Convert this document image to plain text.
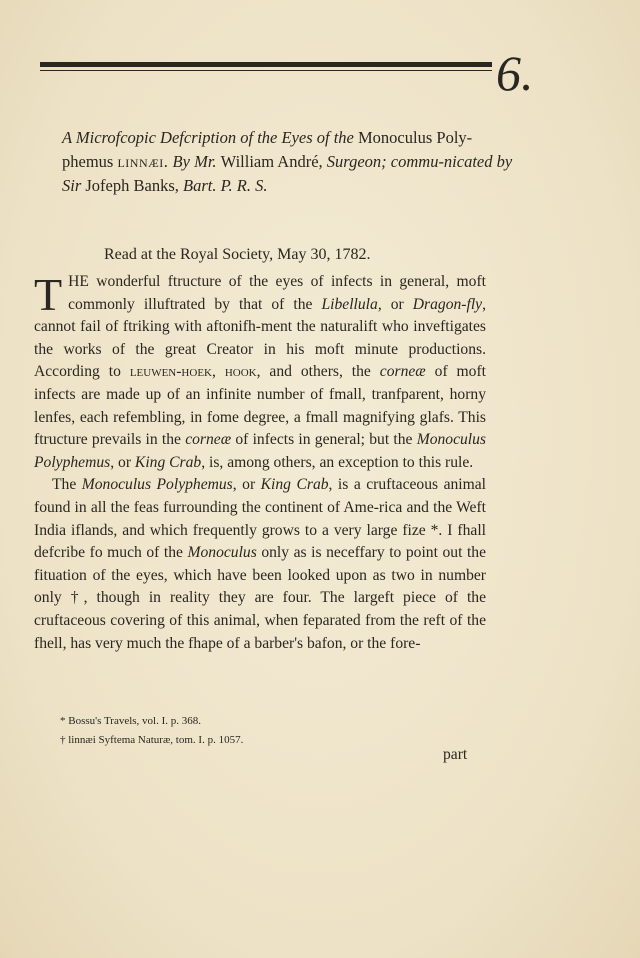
6.
A Microfcopic Defcription of the Eyes of the Monoculus Poly-phemus linnæi. By Mr. William André, Surgeon; commu-nicated by Sir Jofeph Banks, Bart. P. R. S.
Read at the Royal Society, May 30, 1782.

THE wonderful ftructure of the eyes of infects in general, moft commonly illuftrated by that of the Libellula, or Dragon-fly, cannot fail of ftriking with aftonifh-ment the naturalift who inveftigates the works of the great Creator in his moft minute productions. According to leuwen-hoek, hook, and others, the corneæ of moft infects are made up of an infinite number of fmall, tranfparent, horny lenfes, each refembling, in fome degree, a fmall magnifying glafs. This ftructure prevails in the corneæ of infects in general; but the Monoculus Polyphemus, or King Crab, is, among others, an exception to this rule.

The Monoculus Polyphemus, or King Crab, is a cruftaceous animal found in all the feas furrounding the continent of Ame-rica and the Weft India iflands, and which frequently grows to a very large fize *. I fhall defcribe fo much of the Monoculus only as is neceffary to point out the fituation of the eyes, which have been looked upon as two in number only †, though in reality they are four. The largeft piece of the cruftaceous covering of this animal, when feparated from the reft of the fhell, has very much the fhape of a barber's bafon, or the fore-

* Bossu's Travels, vol. I. p. 368.
† linnæi Syftema Naturæ, tom. I. p. 1057.
part
